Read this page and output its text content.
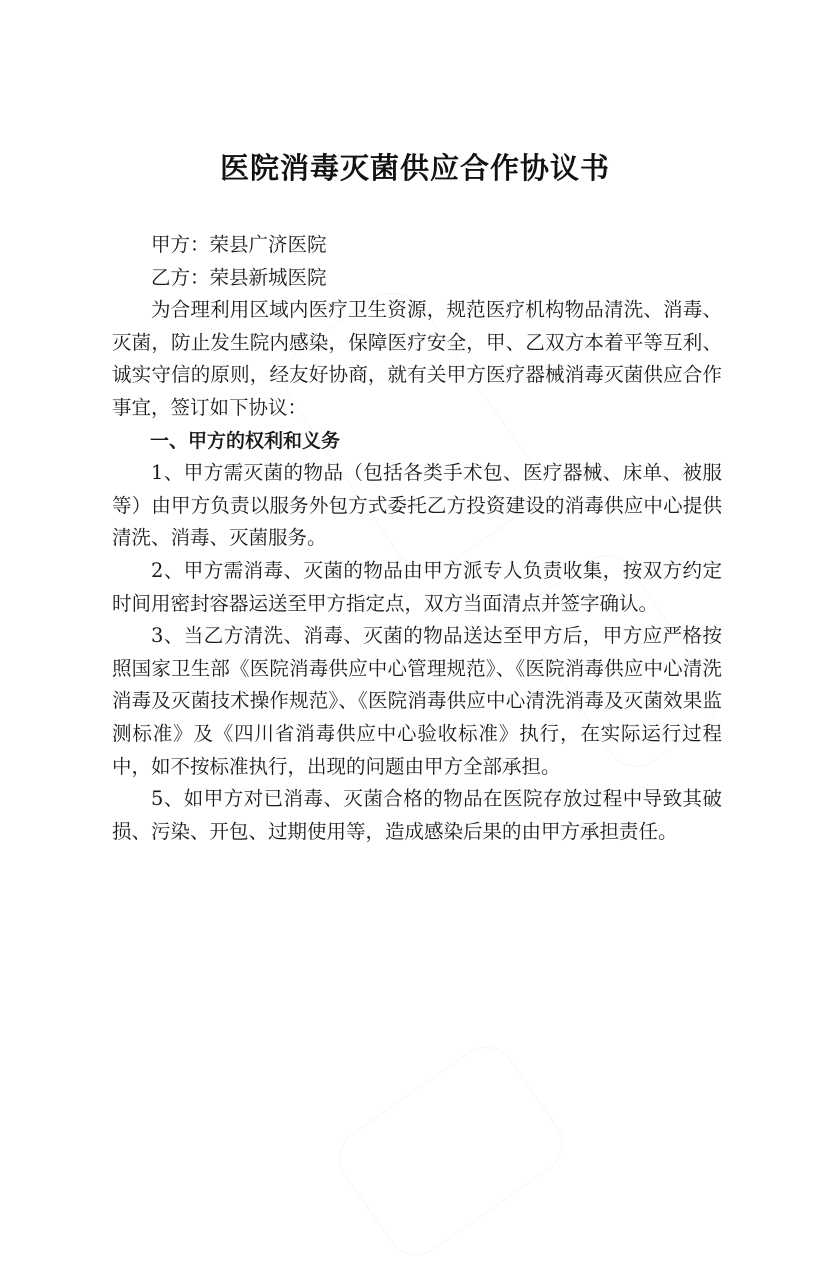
医院消毒灭菌供应合作协议书

甲方：荣县广济医院

乙方：荣县新城医院

为合理利用区域内医疗卫生资源，规范医疗机构物品清洗、消毒、灭菌，防止发生院内感染，保障医疗安全，甲、乙双方本着平等互利、诚实守信的原则，经友好协商，就有关甲方医疗器械消毒灭菌供应合作事宜，签订如下协议：

一、甲方的权利和义务

1、甲方需灭菌的物品（包括各类手术包、医疗器械、床单、被服等）由甲方负责以服务外包方式委托乙方投资建设的消毒供应中心提供清洗、消毒、灭菌服务。

2、甲方需消毒、灭菌的物品由甲方派专人负责收集，按双方约定时间用密封容器运送至甲方指定点，双方当面清点并签字确认。

3、当乙方清洗、消毒、灭菌的物品送达至甲方后，甲方应严格按照国家卫生部《医院消毒供应中心管理规范》、《医院消毒供应中心清洗消毒及灭菌技术操作规范》、《医院消毒供应中心清洗消毒及灭菌效果监测标准》及《四川省消毒供应中心验收标准》执行，在实际运行过程中，如不按标准执行，出现的问题由甲方全部承担。

5、如甲方对已消毒、灭菌合格的物品在医院存放过程中导致其破损、污染、开包、过期使用等，造成感染后果的由甲方承担责任。
